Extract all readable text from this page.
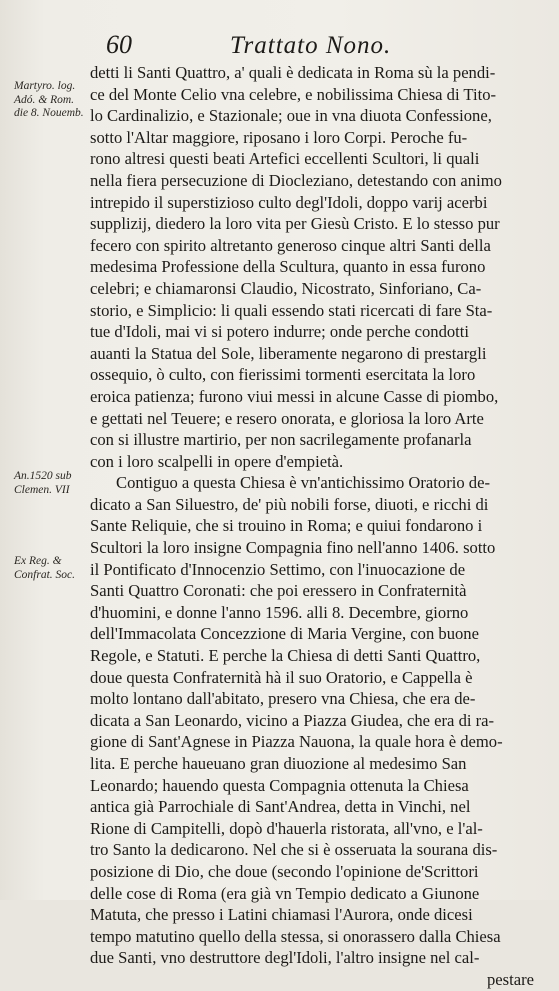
60	Trattato Nono.
Martyro. log. Adó. & Rom. die 8. Nouemb.
An.1520 sub Clemen. VII
Ex Reg. & Confrat. Soc.
detti li Santi Quattro, a' quali è dedicata in Roma sù la pendi-
ce del Monte Celio vna celebre, e nobilissima Chiesa di Tito-
lo Cardinalizio, e Stazionale; oue in vna diuota Confessione,
sotto l'Altar maggiore, riposano i loro Corpi. Peroche fu-
rono altresi questi beati Artefici eccellenti Scultori, li quali
nella fiera persecuzione di Diocleziano, detestando con animo
intrepido il superstizioso culto degl'Idoli, doppo varij acerbi
supplizij, diedero la loro vita per Giesù Cristo. E lo stesso pur
fecero con spirito altretanto generoso cinque altri Santi della
medesima Professione della Scultura, quanto in essa furono
celebri; e chiamaronsi Claudio, Nicostrato, Sinforiano, Ca-
storio, e Simplicio: li quali essendo stati ricercati di fare Sta-
tue d'Idoli, mai vi si potero indurre; onde perche condotti
auanti la Statua del Sole, liberamente negarono di prestargli
ossequio, ò culto, con fierissimi tormenti esercitata la loro
eroica patienza; furono viui messi in alcune Casse di piombo,
e gettati nel Teuere; e resero onorata, e gloriosa la loro Arte
con si illustre martirio, per non sacrilegamente profanarla
con i loro scalpelli in opere d'empietà.
Contiguo a questa Chiesa è vn'antichissimo Oratorio de-
dicato a San Siluestro, de' più nobili forse, diuoti, e ricchi di
Sante Reliquie, che si trouino in Roma; e quiui fondarono i
Scultori la loro insigne Compagnia fino nell'anno 1406. sotto
il Pontificato d'Innocenzio Settimo, con l'inuocazione de
Santi Quattro Coronati: che poi eressero in Confraternità
d'huomini, e donne l'anno 1596. alli 8. Decembre, giorno
dell'Immacolata Concezzione di Maria Vergine, con buone
Regole, e Statuti. E perche la Chiesa di detti Santi Quattro,
doue questa Confraternità hà il suo Oratorio, e Cappella è
molto lontano dall'abitato, presero vna Chiesa, che era de-
dicata a San Leonardo, vicino a Piazza Giudea, che era di ra-
gione di Sant'Agnese in Piazza Nauona, la quale hora è demo-
lita. E perche haueuano gran diuozione al medesimo San
Leonardo; hauendo questa Compagnia ottenuta la Chiesa
antica già Parrochiale di Sant'Andrea, detta in Vinchi, nel
Rione di Campitelli, dopò d'hauerla ristorata, all'vno, e l'al-
tro Santo la dedicarono. Nel che si è osseruata la sourana dis-
posizione di Dio, che doue (secondo l'opinione de'Scrittori
delle cose di Roma (era già vn Tempio dedicato a Giunone
Matuta, che presso i Latini chiamasi l'Aurora, onde dicesi
tempo matutino quello della stessa, si onorassero dalla Chiesa
due Santi, vno destruttore degl'Idoli, l'altro insigne nel cal-
pestare
